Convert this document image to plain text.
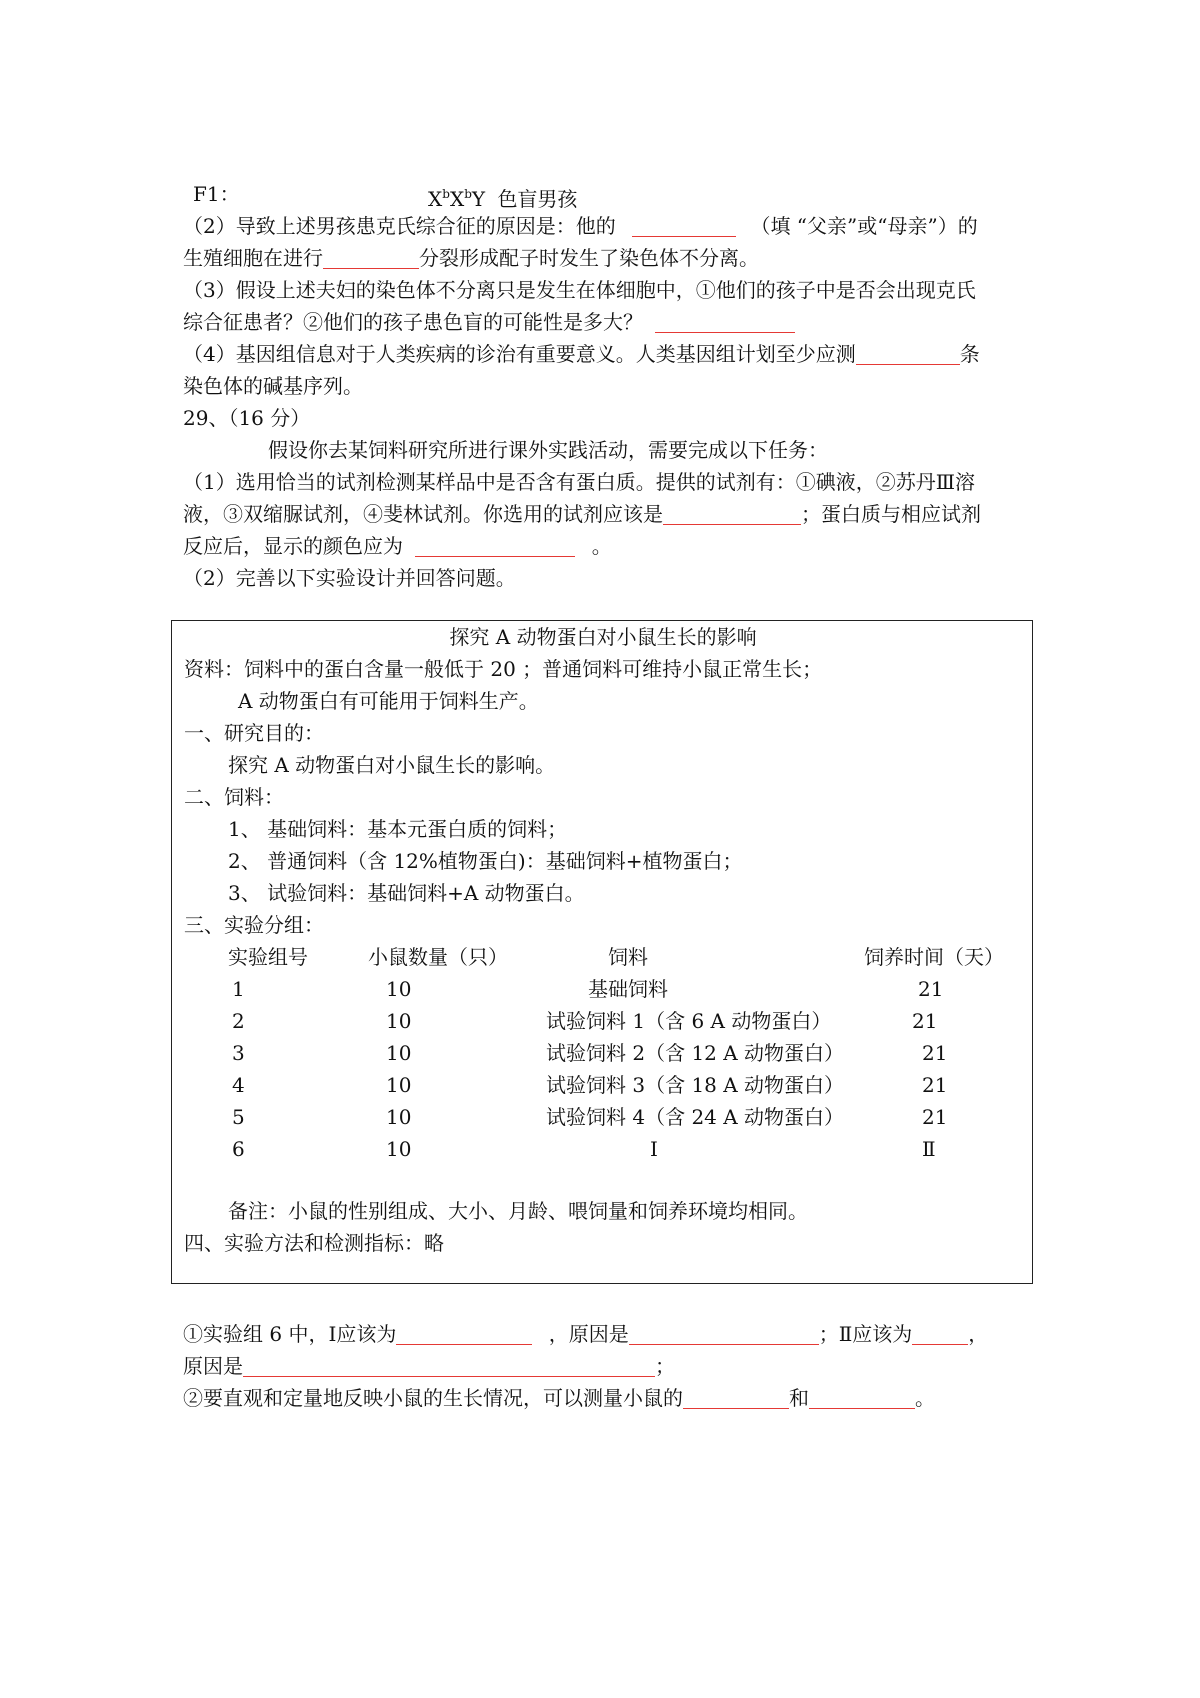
F1：	$X^bX^bY$ 色盲男孩
（2）导致上述男孩患克氏综合征的原因是：他的	（填 “父亲”或“母亲”）的
生殖细胞在进行	分裂形成配子时发生了染色体不分离。
（3）假设上述夫妇的染色体不分离只是发生在体细胞中，①他们的孩子中是否会出现克氏
综合征患者？②他们的孩子患色盲的可能性是多大？
（4）基因组信息对于人类疾病的诊治有重要意义。人类基因组计划至少应测	条
染色体的碱基序列。
29、（16 分）
假设你去某饲料研究所进行课外实践活动，需要完成以下任务：
（1）选用恰当的试剂检测某样品中是否含有蛋白质。提供的试剂有：①碘液，②苏丹Ⅲ溶
液，③双缩脲试剂，④斐林试剂。你选用的试剂应该是	；蛋白质与相应试剂
反应后，显示的颜色应为	。
（2）完善以下实验设计并回答问题。
探究 A 动物蛋白对小鼠生长的影响
资料：饲料中的蛋白含量一般低于 20 ；普通饲料可维持小鼠正常生长；
A 动物蛋白有可能用于饲料生产。
一、研究目的：
探究 A 动物蛋白对小鼠生长的影响。
二、饲料：
1、 基础饲料：基本元蛋白质的饲料；
2、 普通饲料（含 12%植物蛋白)：基础饲料+植物蛋白；
3、 试验饲料：基础饲料+A 动物蛋白。
三、实验分组：
实验组号	小鼠数量（只）	饲料	饲养时间（天）
1	10	基础饲料	21
2	10	试验饲料 1（含 6 A 动物蛋白）	21
3	10	试验饲料 2（含 12 A 动物蛋白）	21
4	10	试验饲料 3（含 18 A 动物蛋白）	21
5	10	试验饲料 4（含 24 A 动物蛋白）	21
6	10	Ⅰ	Ⅱ
备注：小鼠的性别组成、大小、月龄、喂饲量和饲养环境均相同。
四、实验方法和检测指标：略
①实验组 6 中，Ⅰ应该为	，原因是	；Ⅱ应该为	，
原因是	；
②要直观和定量地反映小鼠的生长情况，可以测量小鼠的	和	。
